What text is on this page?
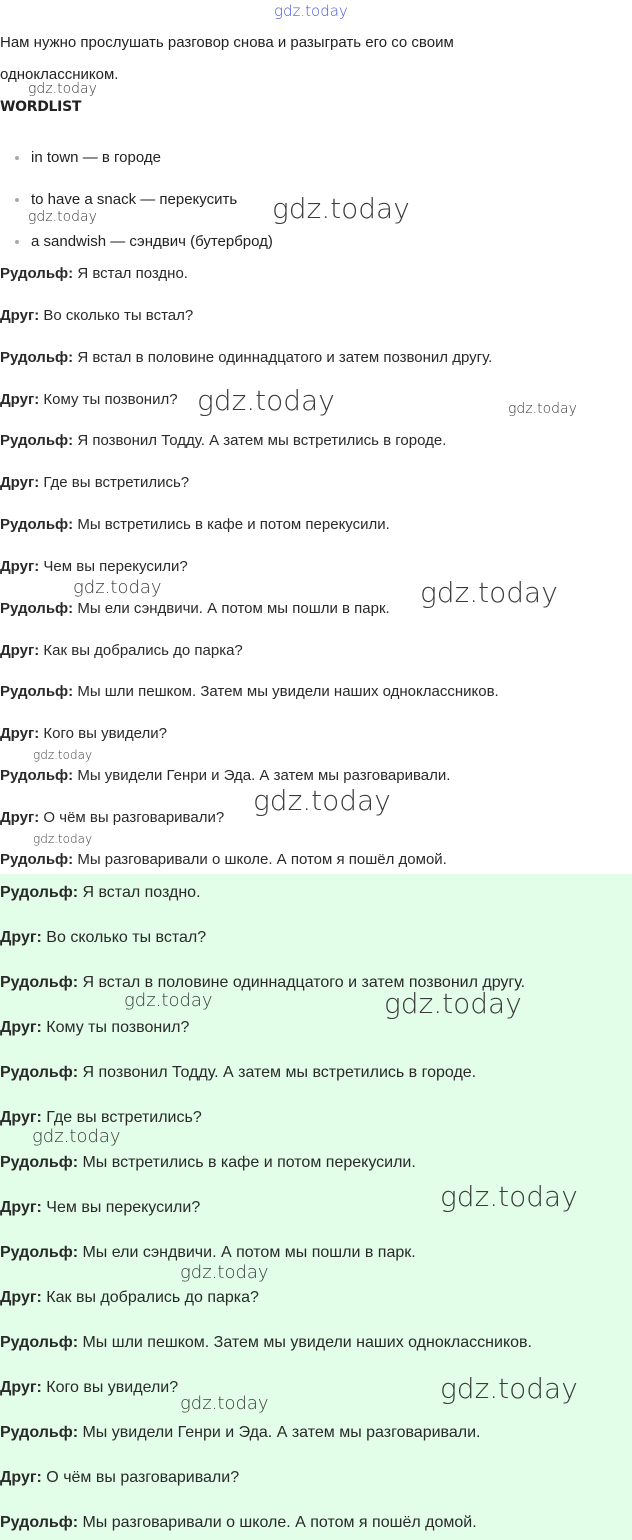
gdz.today
gdz.today
gdz.today	gdz.today
gdz.today	gdz.today
gdz.today	gdz.today
gdz.today
gdz.today
gdz.today
Нам нужно прослушать разговор снова и разыграть его со своим
одноклассником.
WORDLIST
in town — в городе
to have a snack — перекусить
a sandwish — сэндвич (бутерброд)
Рудольф: Я встал поздно.
Друг: Во сколько ты встал?
Рудольф: Я встал в половине одиннадцатого и затем позвонил другу.
Друг: Кому ты позвонил?
Рудольф: Я позвонил Тодду. А затем мы встретились в городе.
Друг: Где вы встретились?
Рудольф: Мы встретились в кафе и потом перекусили.
Друг: Чем вы перекусили?
Рудольф: Мы ели сэндвичи. А потом мы пошли в парк.
Друг: Как вы добрались до парка?
Рудольф: Мы шли пешком. Затем мы увидели наших одноклассников.
Друг: Кого вы увидели?
Рудольф: Мы увидели Генри и Эда. А затем мы разговаривали.
Друг: О чём вы разговаривали?
Рудольф: Мы разговаривали о школе. А потом я пошёл домой.
Рудольф: Я встал поздно.
Друг: Во сколько ты встал?
Рудольф: Я встал в половине одиннадцатого и затем позвонил другу.
Друг: Кому ты позвонил?
Рудольф: Я позвонил Тодду. А затем мы встретились в городе.
Друг: Где вы встретились?
Рудольф: Мы встретились в кафе и потом перекусили.
Друг: Чем вы перекусили?
Рудольф: Мы ели сэндвичи. А потом мы пошли в парк.
Друг: Как вы добрались до парка?
Рудольф: Мы шли пешком. Затем мы увидели наших одноклассников.
Друг: Кого вы увидели?
Рудольф: Мы увидели Генри и Эда. А затем мы разговаривали.
Друг: О чём вы разговаривали?
Рудольф: Мы разговаривали о школе. А потом я пошёл домой.
gdz.today	gdz.today
gdz.today
gdz.today
gdz.today
gdz.today
gdz.today
